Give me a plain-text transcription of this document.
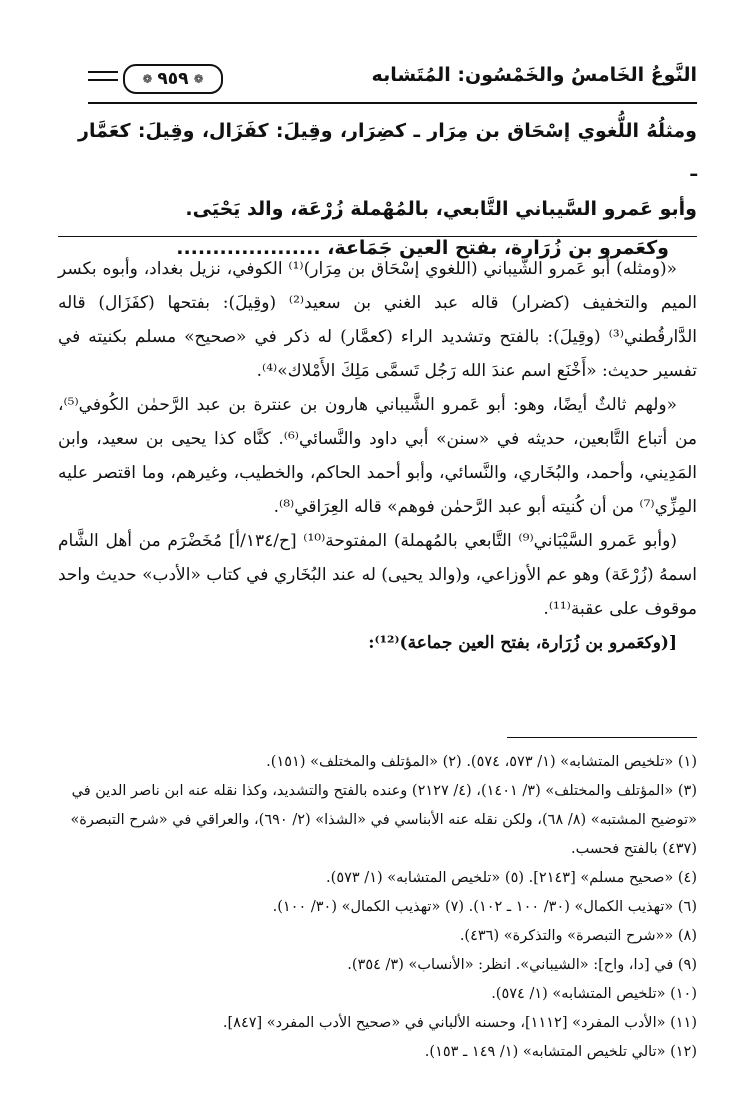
❁ ٩٥٩ ❁	النَّوعُ الخَامسُ والخَمْسُون: المُتَشابه

ومثلُهُ اللُّغوي إسْحَاق بن مِرَار ـ كضِرَار، وقِيلَ: كفَزَال، وقِيلَ: كعَمَّار ـ

وأبو عَمرو السَّيباني التَّابعي، بالمُهْملة زُرْعَة، والد يَحْيَى.

وكعَمرو بن زُرَارة، بفتح العين جَمَاعة، ....................

«(ومثله) أبو عَمرو الشَّيباني (اللغوي إسْحَاق بن مِرَار)⁽¹⁾ الكوفي، نزيل بغداد، وأبوه بكسر الميم والتخفيف (كضرار) قاله عبد الغني بن سعيد⁽²⁾ (وقِيلَ): بفتحها (كفَزَال) قاله الدَّارقُطني⁽³⁾ (وقِيلَ): بالفتح وتشديد الراء (كعمَّار) له ذكر في «صحيح» مسلم بكنيته في تفسير حديث: «أَخْنَع اسم عندَ الله رَجُل تَسمَّى مَلِكَ الأَمْلاك»⁽⁴⁾.

«ولهم ثالثٌ أيضًا، وهو: أبو عَمرو الشَّيباني هارون بن عنترة بن عبد الرَّحمٰن الكُوفي⁽⁵⁾، من أتباع التَّابعين، حديثه في «سنن» أبي داود والنَّسائي⁽⁶⁾. كنَّاه كذا يحيى بن سعيد، وابن المَدِيني، وأحمد، والبُخَاري، والنَّسائي، وأبو أحمد الحاكم، والخطيب، وغيرهم، وما اقتصر عليه المِزِّي⁽⁷⁾ من أن كُنيته أبو عبد الرَّحمٰن فوهم» قاله العِرَاقي⁽⁸⁾.

(وأبو عَمرو السَّيْبَاني⁽⁹⁾ التَّابعي بالمُهملة) المفتوحة⁽¹⁰⁾ [ح/١٣٤/أ] مُخَضْرَم من أهل الشَّام اسمهُ (زُرْعَة) وهو عم الأوزاعي، و(والد يحيى) له عند البُخَاري في كتاب «الأدب» حديث واحد موقوف على عقبة⁽¹¹⁾.

[(وكعَمرو بن زُرَارة، بفتح العين جماعة)⁽¹²⁾:

(١) «تلخيص المتشابه» (١/ ٥٧٣، ٥٧٤). (٢) «المؤتلف والمختلف» (١٥١).

(٣) «المؤتلف والمختلف» (٣/ ١٤٠١)، (٤/ ٢١٢٧) وعنده بالفتح والتشديد، وكذا نقله عنه ابن ناصر الدين في «توضيح المشتبه» (٨/ ٦٨)، ولكن نقله عنه الأبناسي في «الشذا» (٢/ ٦٩٠)، والعراقي في «شرح التبصرة» (٤٣٧) بالفتح فحسب.

(٤) «صحيح مسلم» [٢١٤٣]. (٥) «تلخيص المتشابه» (١/ ٥٧٣).

(٦) «تهذيب الكمال» (٣٠/ ١٠٠ ـ ١٠٢). (٧) «تهذيب الكمال» (٣٠/ ١٠٠).

(٨) ««شرح التبصرة» والتذكرة» (٤٣٦).

(٩) في [دا، واح]: «الشيباني». انظر: «الأنساب» (٣/ ٣٥٤).

(١٠) «تلخيص المتشابه» (١/ ٥٧٤).

(١١) «الأدب المفرد» [١١١٢]، وحسنه الألباني في «صحيح الأدب المفرد» [٨٤٧].

(١٢) «تالي تلخيص المتشابه» (١/ ١٤٩ ـ ١٥٣).
